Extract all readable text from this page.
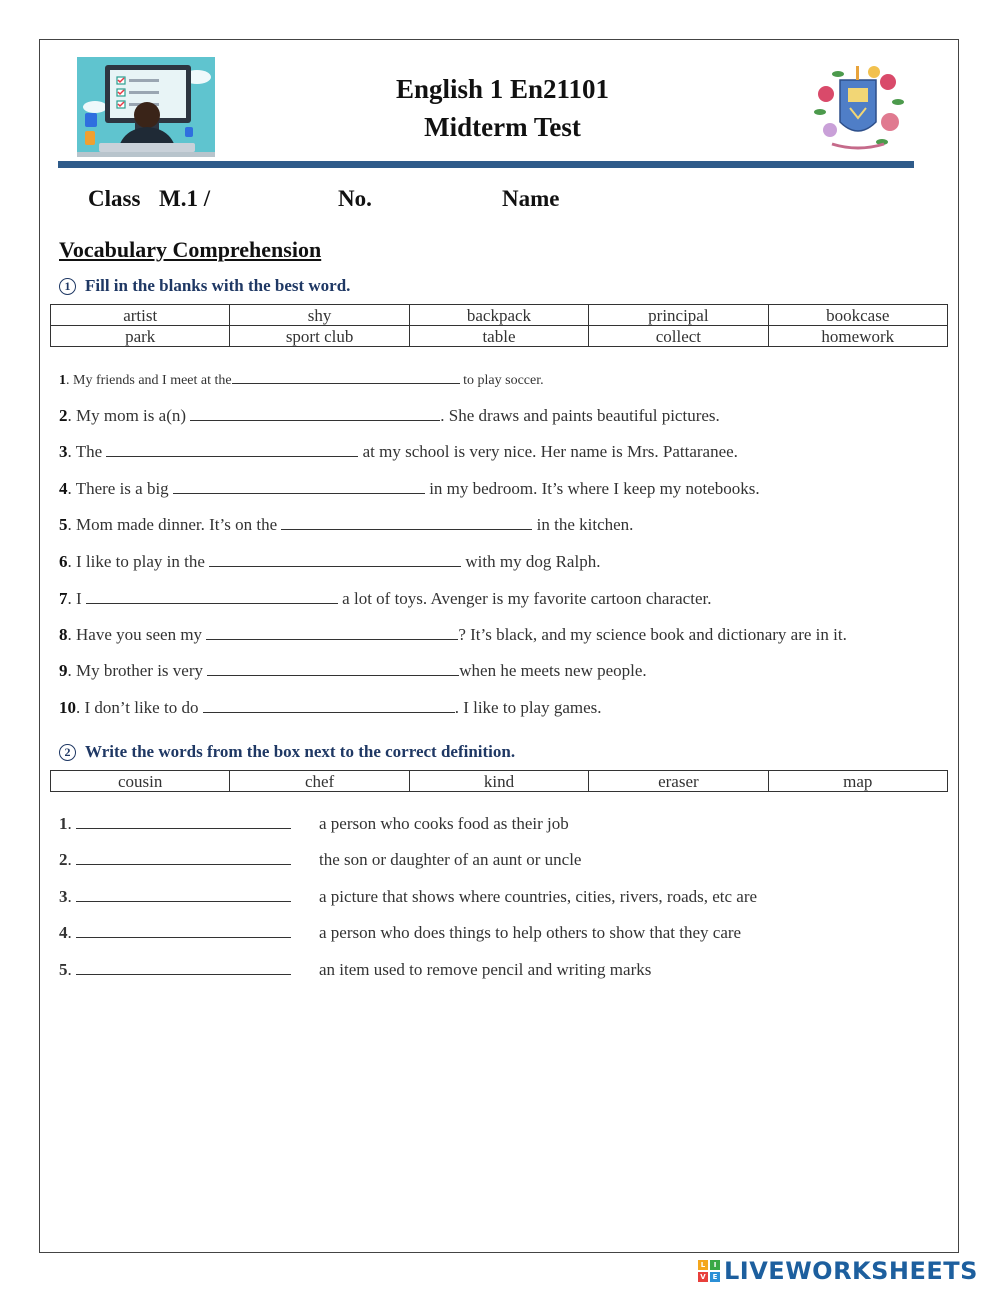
English 1 En21101
Midterm Test
Class M.1 /	No.	Name
Vocabulary Comprehension
1 Fill in the blanks with the best word.
artist	shy	backpack	principal	bookcase
park	sport club	table	collect	homework
1. My friends and I meet at the	to play soccer.
2. My mom is a(n)	. She draws and paints beautiful pictures.
3. The	at my school is very nice. Her name is Mrs. Pattaranee.
4. There is a big	in my bedroom. It’s where I keep my notebooks.
5. Mom made dinner. It’s on the	in the kitchen.
6. I like to play in the	with my dog Ralph.
7. I	a lot of toys. Avenger is my favorite cartoon character.
8. Have you seen my	? It’s black, and my science book and dictionary are in it.
9. My brother is very	when he meets new people.
10. I don’t like to do	. I like to play games.
2 Write the words from the box next to the correct definition.
cousin	chef	kind	eraser	map
1.	a person who cooks food as their job
2.	the son or daughter of an aunt or uncle
3.	a picture that shows where countries, cities, rivers, roads, etc are
4.	a person who does things to help others to show that they care
5.	an item used to remove pencil and writing marks
L	I
V E LIVEWORKSHEETS
